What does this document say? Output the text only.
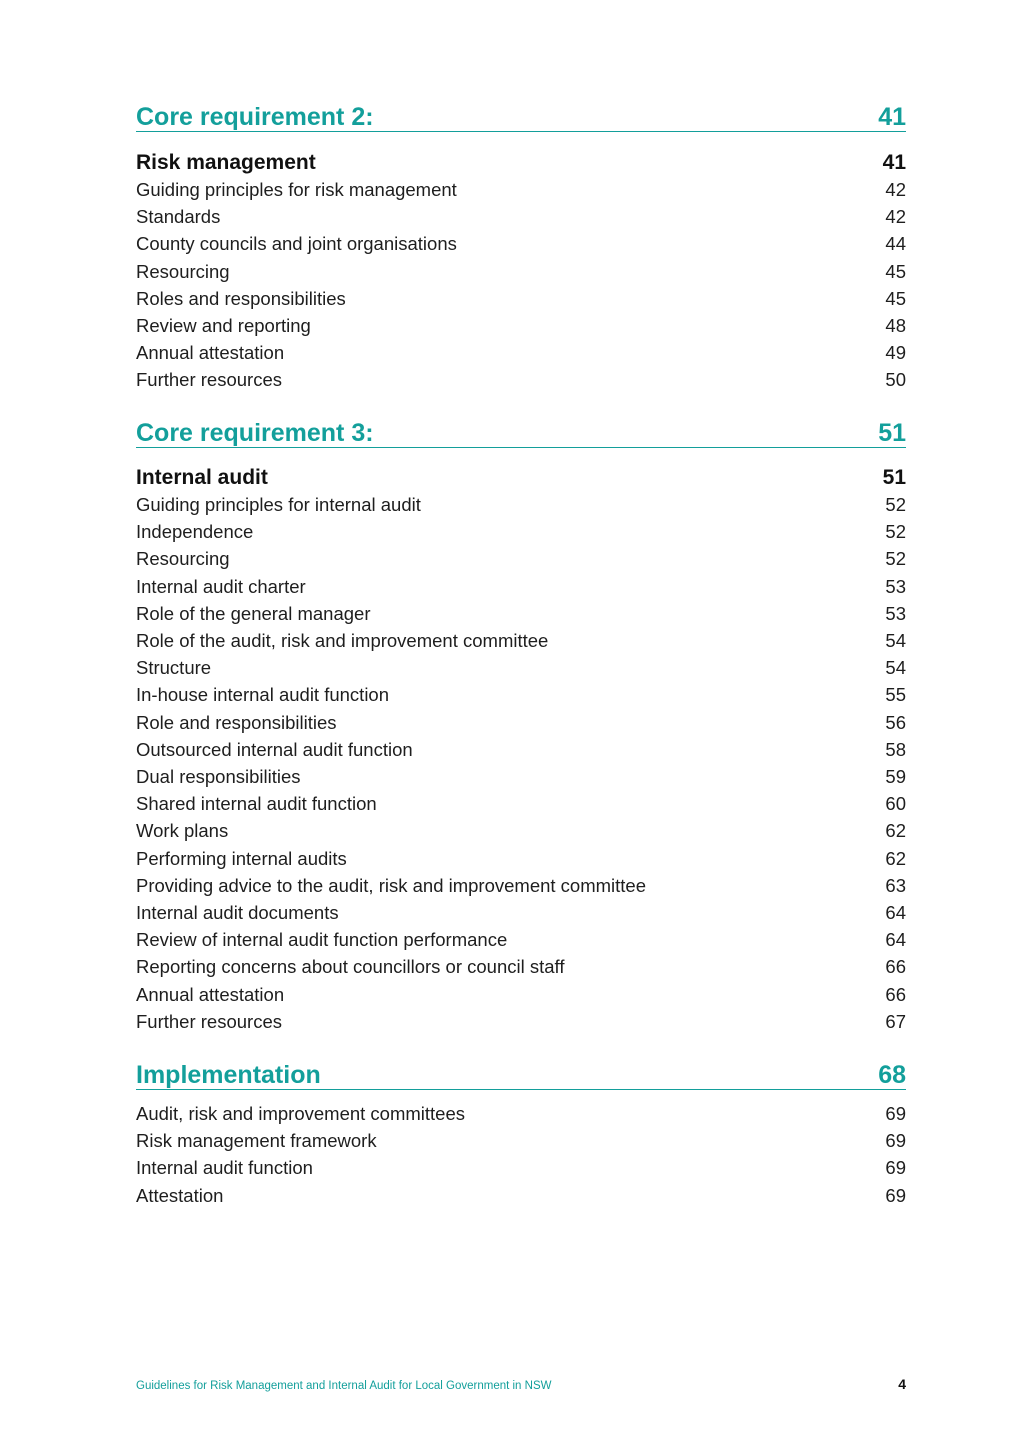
Core requirement 2:	41
Risk management	41
Guiding principles for risk management	42
Standards	42
County councils and joint organisations	44
Resourcing	45
Roles and responsibilities	45
Review and reporting	48
Annual attestation	49
Further resources	50
Core requirement 3:	51
Internal audit	51
Guiding principles for internal audit	52
Independence	52
Resourcing	52
Internal audit charter	53
Role of the general manager	53
Role of the audit, risk and improvement committee	54
Structure	54
In-house internal audit function	55
Role and responsibilities	56
Outsourced internal audit function	58
Dual responsibilities	59
Shared internal audit function	60
Work plans	62
Performing internal audits	62
Providing advice to the audit, risk and improvement committee	63
Internal audit documents	64
Review of internal audit function performance	64
Reporting concerns about councillors or council staff	66
Annual attestation	66
Further resources	67
Implementation	68
Audit, risk and improvement committees	69
Risk management framework	69
Internal audit function	69
Attestation	69
Guidelines for Risk Management and Internal Audit for Local Government in NSW	4
